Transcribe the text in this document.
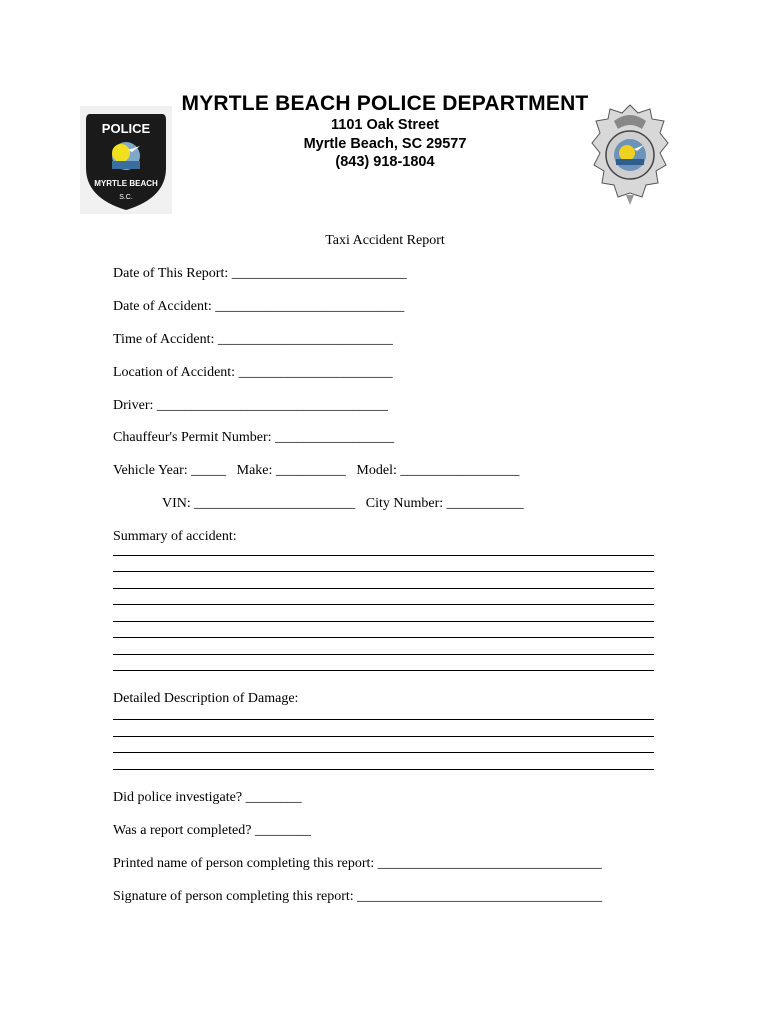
POLICE
MYRTLE BEACH
S.C.
MYRTLE BEACH POLICE DEPARTMENT
1101 Oak Street
Myrtle Beach, SC 29577
(843) 918-1804
Taxi Accident Report
Date of This Report: _________________________
Date of Accident: ___________________________
Time of Accident: _________________________
Location of Accident: ______________________
Driver: _________________________________
Chauffeur's Permit Number: _________________
Vehicle Year: _____   Make: __________   Model: _________________
VIN: _______________________   City Number: ___________
Summary of accident:
Detailed Description of Damage:
Did police investigate? ________
Was a report completed? ________
Printed name of person completing this report: ________________________________
Signature of person completing this report: ___________________________________
